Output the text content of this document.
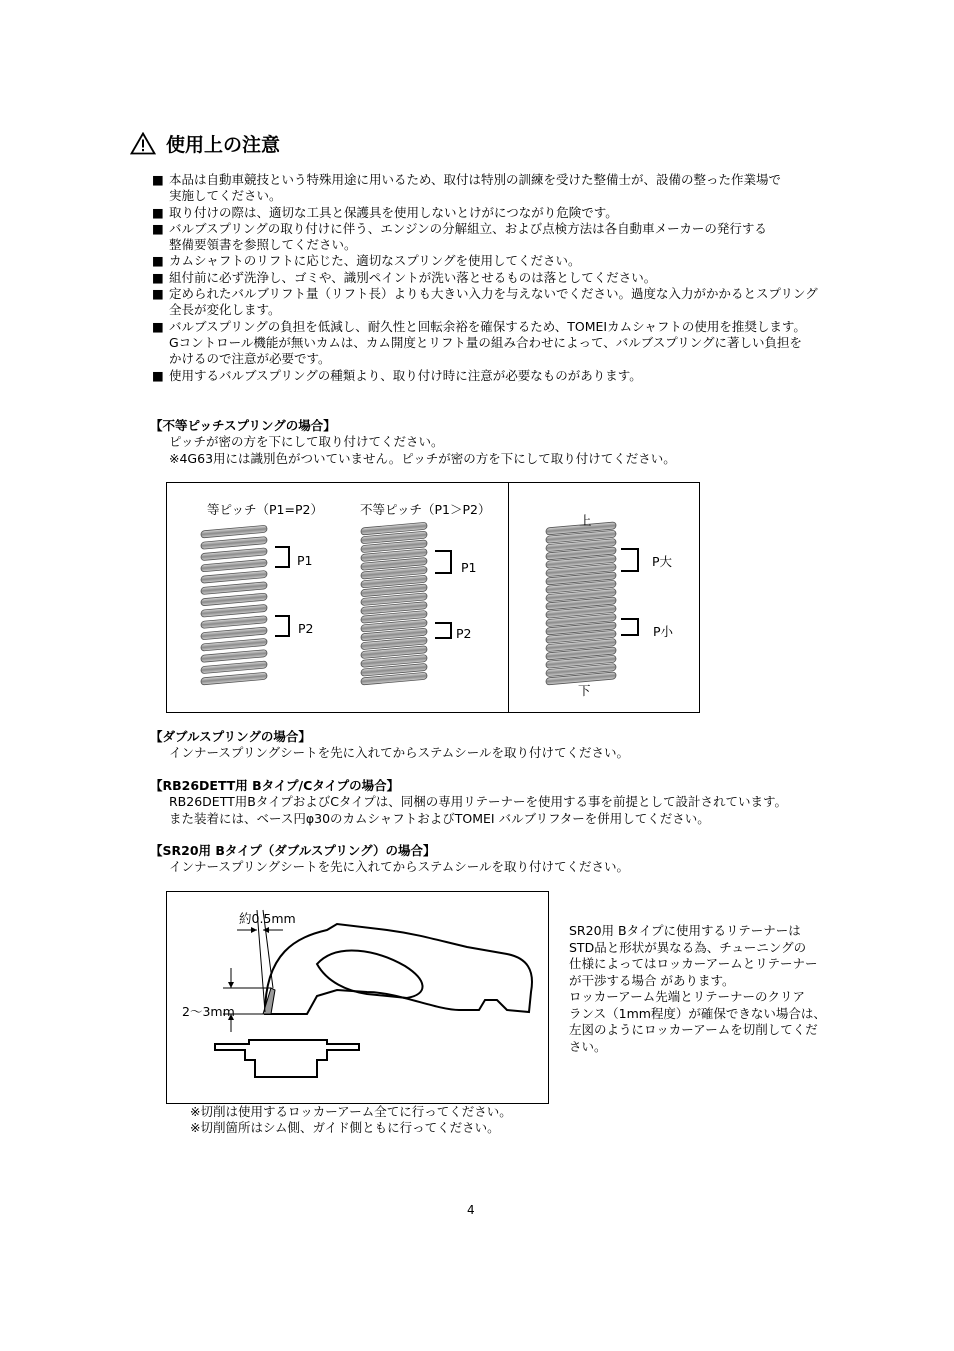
使用上の注意
■ 本品は自動車競技という特殊用途に用いるため、取付は特別の訓練を受けた整備士が、設備の整った作業場で
実施してください。
■ 取り付けの際は、適切な工具と保護具を使用しないとけがにつながり危険です。
■ バルブスプリングの取り付けに伴う、エンジンの分解組立、および点検方法は各自動車メーカーの発行する
整備要領書を参照してください。
■ カムシャフトのリフトに応じた、適切なスプリングを使用してください。
■ 組付前に必ず洗浄し、ゴミや、識別ペイントが洗い落とせるものは落としてください。
■ 定められたバルブリフト量（リフト長）よりも大きい入力を与えないでください。過度な入力がかかるとスプリング
全長が変化します。
■ バルブスプリングの負担を低減し、耐久性と回転余裕を確保するため、TOMEIカムシャフトの使用を推奨します。
Gコントロール機能が無いカムは、カム開度とリフト量の組み合わせによって、バルブスプリングに著しい負担を
かけるので注意が必要です。
■ 使用するバルブスプリングの種類より、取り付け時に注意が必要なものがあります。
【不等ピッチスプリングの場合】
ピッチが密の方を下にして取り付けてください。
※4G63用には識別色がついていません。ピッチが密の方を下にして取り付けてください。
等ピッチ（P1=P2）	不等ピッチ（P1＞P2）
P1
P2
P1
P2
上
下
P大
P小
【ダブルスプリングの場合】
インナースプリングシートを先に入れてからステムシールを取り付けてください。
【RB26DETT用 Bタイプ/Cタイプの場合】
RB26DETT用BタイプおよびCタイプは、同梱の専用リテーナーを使用する事を前提として設計されています。
また装着には、ベース円φ30のカムシャフトおよびTOMEI バルブリフターを併用してください。
【SR20用 Bタイプ（ダブルスプリング）の場合】
インナースプリングシートを先に入れてからステムシールを取り付けてください。
約0.5mm
2～3mm
SR20用 Bタイプに使用するリテーナーは
STD品と形状が異なる為、チューニングの
仕様によってはロッカーアームとリテーナー
が干渉する場合 があります。
ロッカーアーム先端とリテーナーのクリア
ランス（1mm程度）が確保できない場合は、
左図のようにロッカーアームを切削してくだ
さい。
※切削は使用するロッカーアーム全てに行ってください。
※切削箇所はシム側、ガイド側ともに行ってください。
4
